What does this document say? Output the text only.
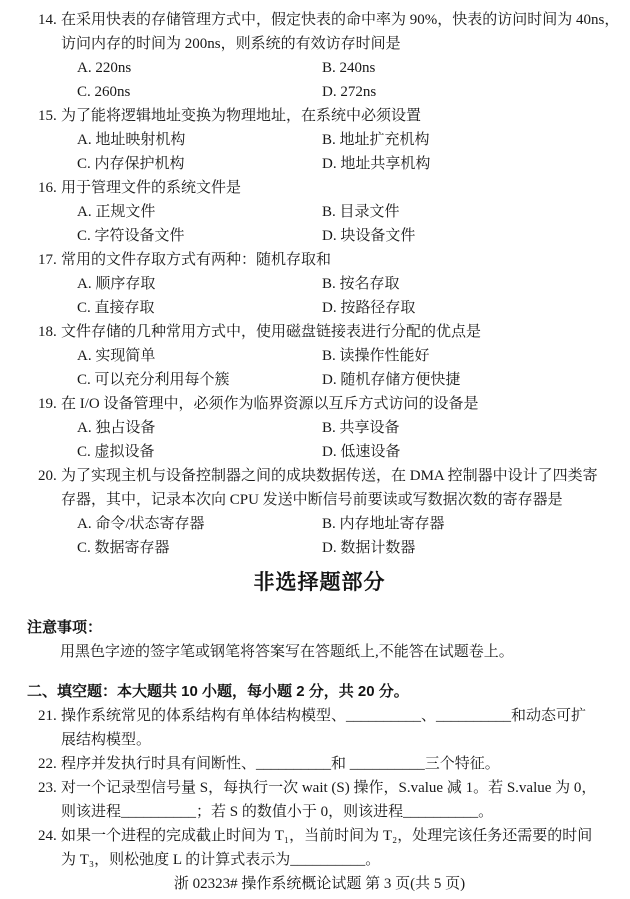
14. 在采用快表的存储管理方式中，假定快表的命中率为 90%，快表的访问时间为 40ns，
访问内存的时间为 200ns，则系统的有效访存时间是
A. 220ns	B. 240ns
C. 260ns	D. 272ns
15. 为了能将逻辑地址变换为物理地址，在系统中必须设置
A. 地址映射机构	B. 地址扩充机构
C. 内存保护机构	D. 地址共享机构
16. 用于管理文件的系统文件是
A. 正规文件	B. 目录文件
C. 字符设备文件	D. 块设备文件
17. 常用的文件存取方式有两种：随机存取和
A. 顺序存取	B. 按名存取
C. 直接存取	D. 按路径存取
18. 文件存储的几种常用方式中，使用磁盘链接表进行分配的优点是
A. 实现简单	B. 读操作性能好
C. 可以充分利用每个簇	D. 随机存储方便快捷
19. 在 I/O 设备管理中，必须作为临界资源以互斥方式访问的设备是
A. 独占设备	B. 共享设备
C. 虚拟设备	D. 低速设备
20. 为了实现主机与设备控制器之间的成块数据传送，在 DMA 控制器中设计了四类寄
存器，其中，记录本次向 CPU 发送中断信号前要读或写数据次数的寄存器是
A. 命令/状态寄存器	B. 内存地址寄存器
C. 数据寄存器	D. 数据计数器
非选择题部分
注意事项：
用黑色字迹的签字笔或钢笔将答案写在答题纸上,不能答在试题卷上。
二、填空题：本大题共 10 小题，每小题 2 分，共 20 分。
21. 操作系统常见的体系结构有单体结构模型、__________、__________和动态可扩
展结构模型。
22. 程序并发执行时具有间断性、__________和 __________三个特征。
23. 对一个记录型信号量 S，每执行一次 wait (S) 操作，S.value 减 1。若 S.value 为 0，
则该进程__________；若 S 的数值小于 0，则该进程__________。
24. 如果一个进程的完成截止时间为 T₁，当前时间为 T₂，处理完该任务还需要的时间
为 T₃，则松弛度 L 的计算式表示为__________。
浙 02323# 操作系统概论试题 第 3 页(共 5 页)
